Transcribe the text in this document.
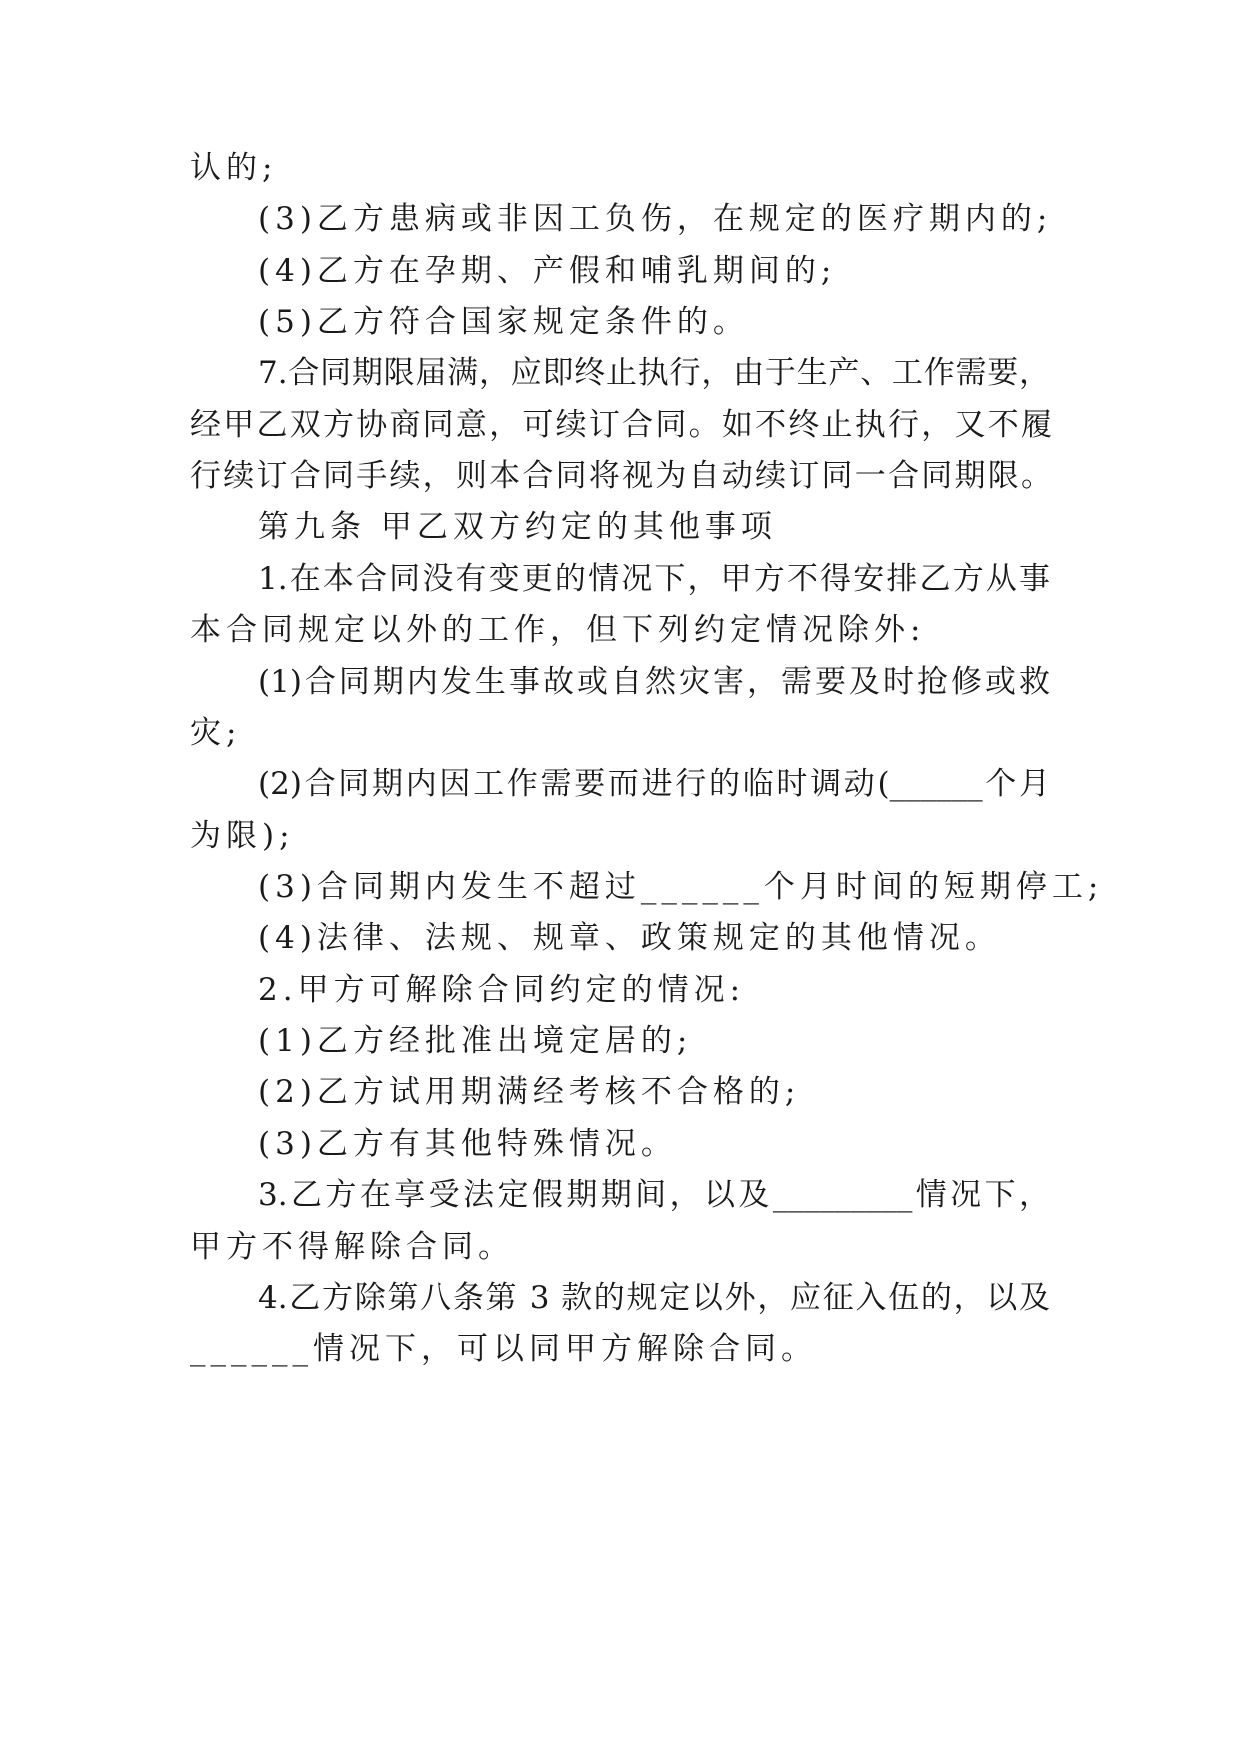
认的;
(3)乙方患病或非因工负伤，在规定的医疗期内的;
(4)乙方在孕期、产假和哺乳期间的;
(5)乙方符合国家规定条件的。
7.合同期限届满，应即终止执行，由于生产、工作需要，
经甲乙双方协商同意，可续订合同。如不终止执行，又不履
行续订合同手续，则本合同将视为自动续订同一合同期限。
第九条 甲乙双方约定的其他事项
1.在本合同没有变更的情况下，甲方不得安排乙方从事
本合同规定以外的工作，但下列约定情况除外:
(1)合同期内发生事故或自然灾害，需要及时抢修或救
灾;
(2)合同期内因工作需要而进行的临时调动(______个月
为限);
(3)合同期内发生不超过______个月时间的短期停工;
(4)法律、法规、规章、政策规定的其他情况。
2.甲方可解除合同约定的情况:
(1)乙方经批准出境定居的;
(2)乙方试用期满经考核不合格的;
(3)乙方有其他特殊情况。
3.乙方在享受法定假期期间，以及_________情况下，
甲方不得解除合同。
4.乙方除第八条第 3 款的规定以外，应征入伍的，以及
______情况下，可以同甲方解除合同。
